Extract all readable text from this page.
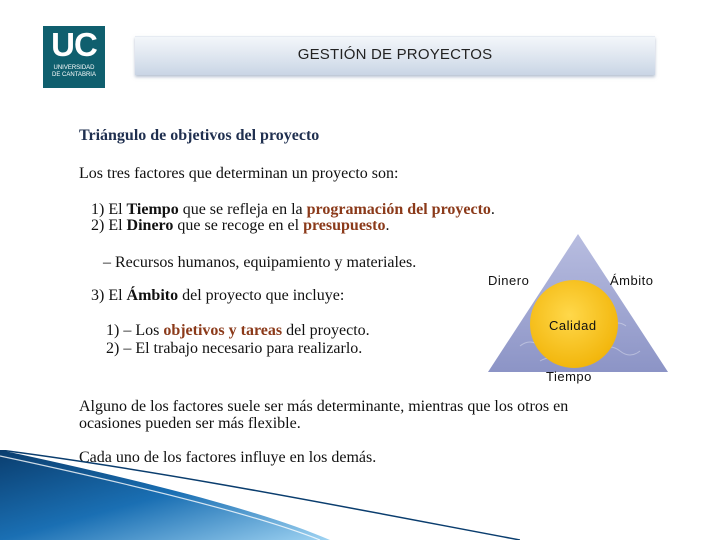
UC
UNIVERSIDAD
DE CANTABRIA
GESTIÓN DE PROYECTOS
Triángulo de objetivos del proyecto
Los tres factores que determinan un proyecto son:
1) El Tiempo que se refleja en la programación del proyecto.
2) El Dinero que se recoge en el presupuesto.
– Recursos humanos, equipamiento y materiales.
3) El Ámbito del proyecto que incluye:
1) – Los objetivos y tareas del proyecto.
2) – El trabajo necesario para realizarlo.
Alguno de los factores suele ser más determinante, mientras que los otros en
ocasiones pueden ser más flexible.
Cada uno de los factores influye en los demás.
Dinero	Ámbito
Calidad
Tiempo
